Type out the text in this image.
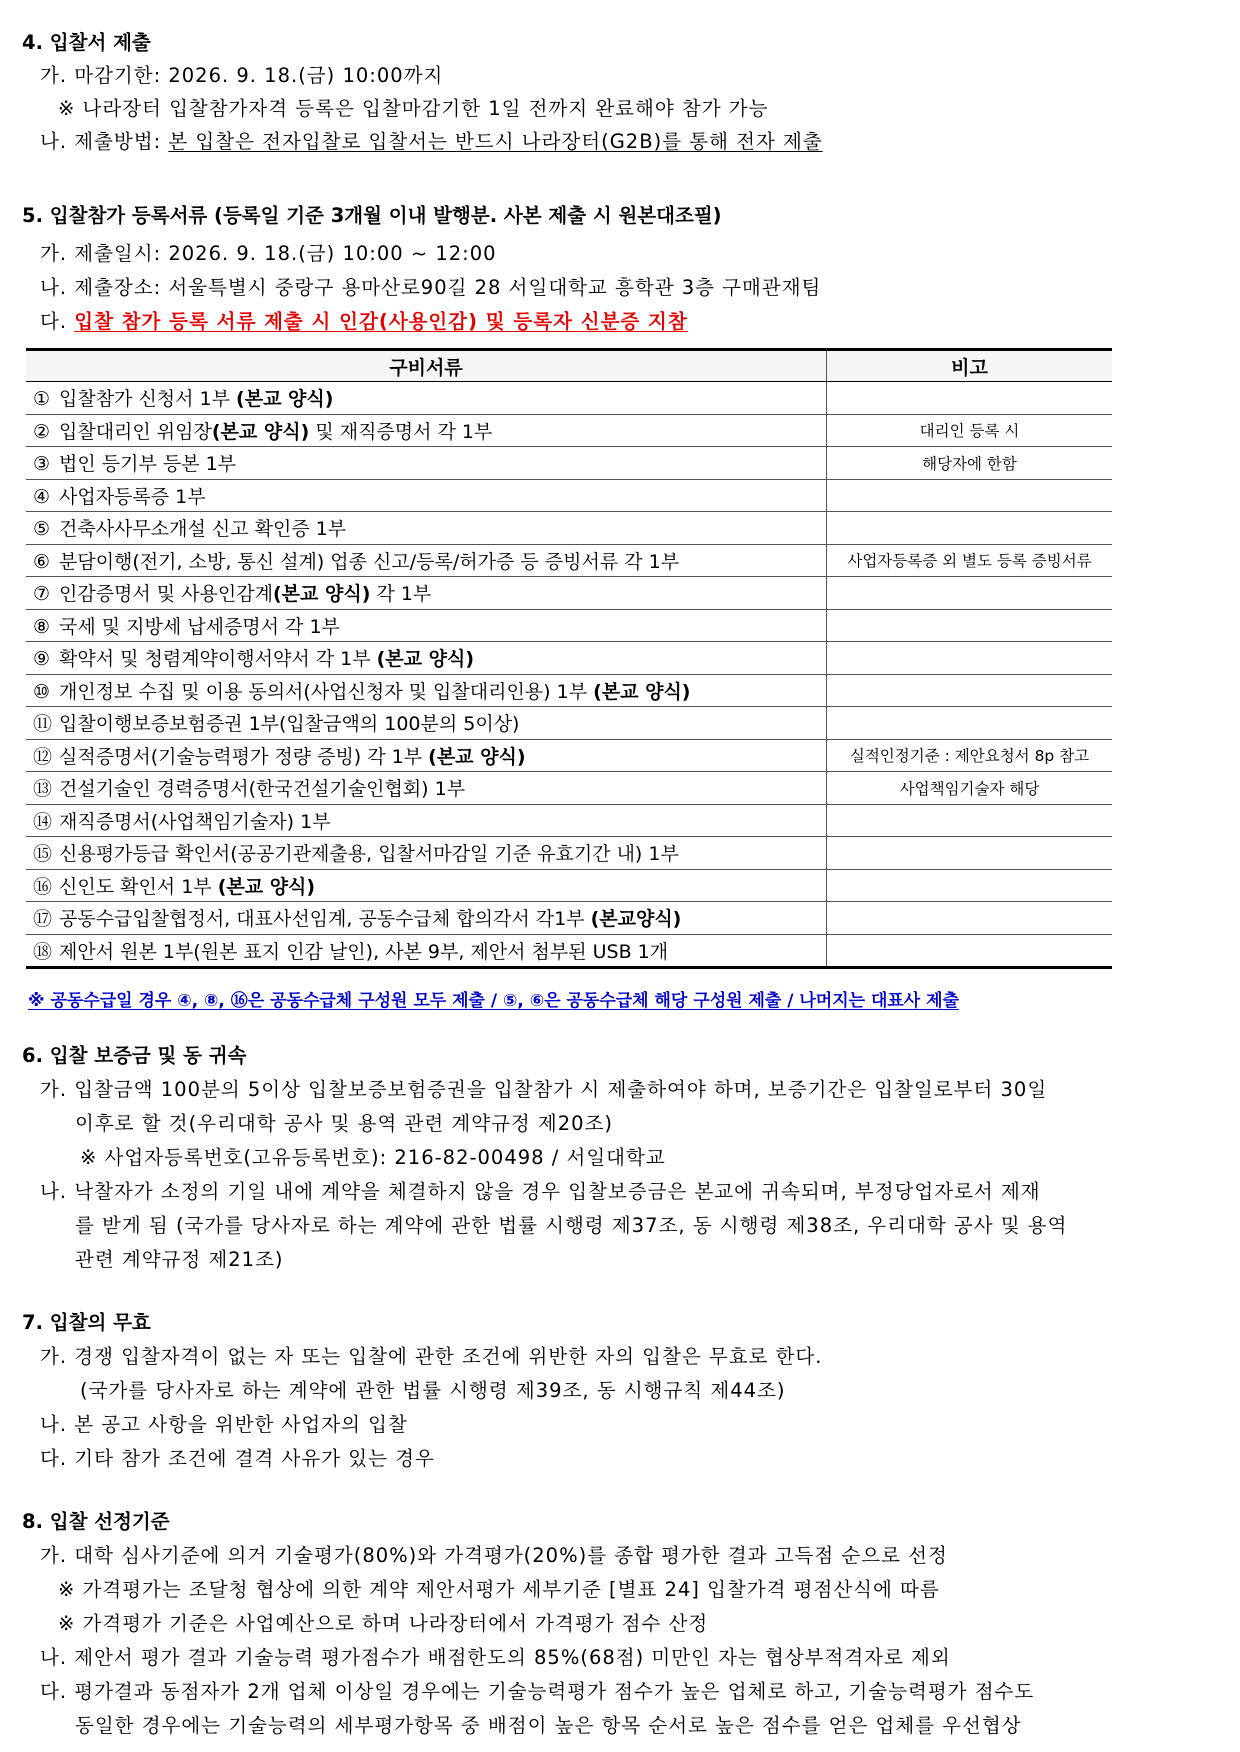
4. 입찰서 제출
가. 마감기한: 2026. 9. 18.(금) 10:00까지
※ 나라장터 입찰참가자격 등록은 입찰마감기한 1일 전까지 완료해야 참가 가능
나. 제출방법: 본 입찰은 전자입찰로 입찰서는 반드시 나라장터(G2B)를 통해 전자 제출
5. 입찰참가 등록서류 (등록일 기준 3개월 이내 발행분. 사본 제출 시 원본대조필)
가. 제출일시: 2026. 9. 18.(금) 10:00 ~ 12:00
나. 제출장소: 서울특별시 중랑구 용마산로90길 28 서일대학교 흥학관 3층 구매관재팀
다. 입찰 참가 등록 서류 제출 시 인감(사용인감) 및 등록자 신분증 지참
구비서류	비고
① 입찰참가 신청서 1부 (본교 양식)	
② 입찰대리인 위임장(본교 양식) 및 재직증명서 각 1부	대리인 등록 시
③ 법인 등기부 등본 1부	해당자에 한함
④ 사업자등록증 1부	
⑤ 건축사사무소개설 신고 확인증 1부	
⑥ 분담이행(전기, 소방, 통신 설계) 업종 신고/등록/허가증 등 증빙서류 각 1부	사업자등록증 외 별도 등록 증빙서류
⑦ 인감증명서 및 사용인감계(본교 양식) 각 1부	
⑧ 국세 및 지방세 납세증명서 각 1부	
⑨ 확약서 및 청렴계약이행서약서 각 1부 (본교 양식)	
⑩ 개인정보 수집 및 이용 동의서(사업신청자 및 입찰대리인용) 1부 (본교 양식)	
⑪ 입찰이행보증보험증권 1부(입찰금액의 100분의 5이상)	
⑫ 실적증명서(기술능력평가 정량 증빙) 각 1부 (본교 양식)	실적인정기준 : 제안요청서 8p 참고
⑬ 건설기술인 경력증명서(한국건설기술인협회) 1부	사업책임기술자 해당
⑭ 재직증명서(사업책임기술자) 1부	
⑮ 신용평가등급 확인서(공공기관제출용, 입찰서마감일 기준 유효기간 내) 1부	
⑯ 신인도 확인서 1부 (본교 양식)	
⑰ 공동수급입찰협정서, 대표사선임계, 공동수급체 합의각서 각1부 (본교양식)	
⑱ 제안서 원본 1부(원본 표지 인감 날인), 사본 9부, 제안서 첨부된 USB 1개	
※ 공동수급일 경우 ④, ⑧, ⑯은 공동수급체 구성원 모두 제출 / ⑤, ⑥은 공동수급체 해당 구성원 제출 / 나머지는 대표사 제출
6. 입찰 보증금 및 동 귀속
가. 입찰금액 100분의 5이상 입찰보증보험증권을 입찰참가 시 제출하여야 하며, 보증기간은 입찰일로부터 30일
이후로 할 것(우리대학 공사 및 용역 관련 계약규정 제20조)
※ 사업자등록번호(고유등록번호): 216-82-00498 / 서일대학교
나. 낙찰자가 소정의 기일 내에 계약을 체결하지 않을 경우 입찰보증금은 본교에 귀속되며, 부정당업자로서 제재
를 받게 됨 (국가를 당사자로 하는 계약에 관한 법률 시행령 제37조, 동 시행령 제38조, 우리대학 공사 및 용역
관련 계약규정 제21조)
7. 입찰의 무효
가. 경쟁 입찰자격이 없는 자 또는 입찰에 관한 조건에 위반한 자의 입찰은 무효로 한다.
(국가를 당사자로 하는 계약에 관한 법률 시행령 제39조, 동 시행규칙 제44조)
나. 본 공고 사항을 위반한 사업자의 입찰
다. 기타 참가 조건에 결격 사유가 있는 경우
8. 입찰 선정기준
가. 대학 심사기준에 의거 기술평가(80%)와 가격평가(20%)를 종합 평가한 결과 고득점 순으로 선정
※ 가격평가는 조달청 협상에 의한 계약 제안서평가 세부기준 [별표 24] 입찰가격 평점산식에 따름
※ 가격평가 기준은 사업예산으로 하며 나라장터에서 가격평가 점수 산정
나. 제안서 평가 결과 기술능력 평가점수가 배점한도의 85%(68점) 미만인 자는 협상부적격자로 제외
다. 평가결과 동점자가 2개 업체 이상일 경우에는 기술능력평가 점수가 높은 업체로 하고, 기술능력평가 점수도
동일한 경우에는 기술능력의 세부평가항목 중 배점이 높은 항목 순서로 높은 점수를 얻은 업체를 우선협상
